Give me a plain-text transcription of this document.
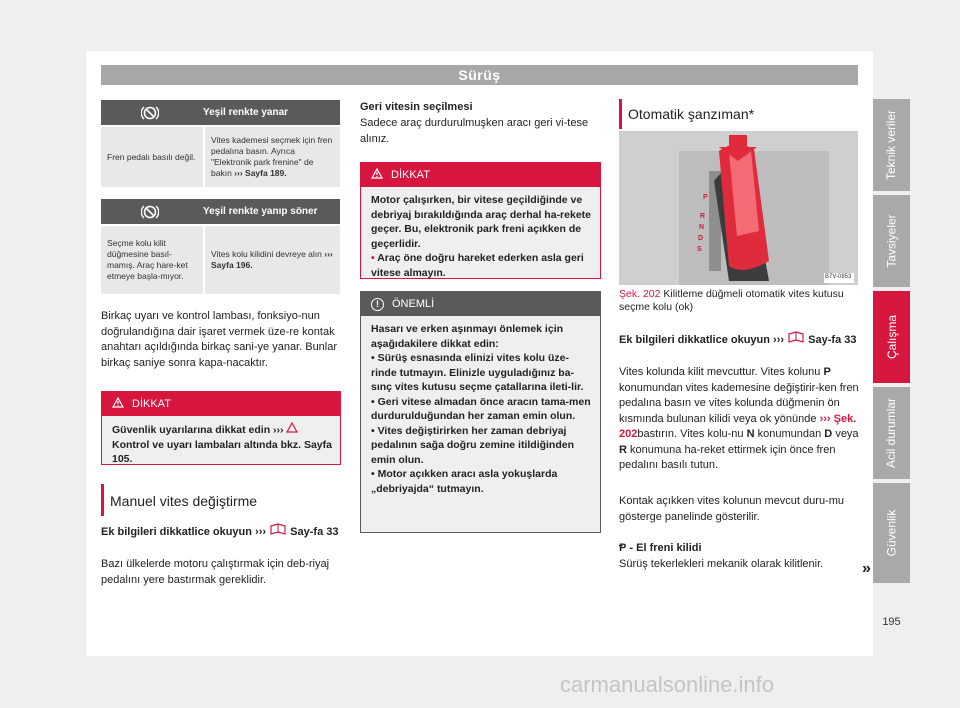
Sürüş
Teknik veriler
Tavsiyeler
Çalışma
Acil durumlar
Güvenlik
195
Yeşil renkte yanar
Fren pedalı basılı değil.
Vites kademesi seçmek için fren pedalına basın. Ayrıca "Elektronik park frenine" de bakın ››› Sayfa 189.
Yeşil renkte yanıp söner
Seçme kolu kilit düğmesine basıl-mamış. Araç hare-ket etmeye başla-mıyor.
Vites kolu kilidini devreye alın ››› Sayfa 196.
Birkaç uyarı ve kontrol lambası, fonksiyo-nun doğrulandığına dair işaret vermek üze-re kontak anahtarı açıldığında birkaç sani-ye yanar. Bunlar birkaç saniye sonra kapa-nacaktır.
DİKKAT
Güvenlik uyarılarına dikkat edin ›››
Kontrol ve uyarı lambaları altında bkz. Sayfa 105.
Manuel vites değiştirme
Ek bilgileri dikkatlice okuyun ››› Say-fa 33
Bazı ülkelerde motoru çalıştırmak için deb-riyaj pedalını yere bastırmak gereklidir.
Geri vitesin seçilmesi
Sadece araç durdurulmuşken aracı geri vi-tese alınız.
DİKKAT
Motor çalışırken, bir vitese geçildiğinde ve debriyaj bırakıldığında araç derhal ha-rekete geçer. Bu, elektronik park freni açıkken de geçerlidir.
• Araç öne doğru hareket ederken asla geri vitese almayın.
!	ÖNEMLİ
Hasarı ve erken aşınmayı önlemek için aşağıdakilere dikkat edin:
• Sürüş esnasında elinizi vites kolu üze-rinde tutmayın. Elinizle uyguladığınız ba-sınç vites kutusu seçme çatallarına ileti-lir.
• Geri vitese almadan önce aracın tama-men durdurulduğundan her zaman emin olun.
• Vites değiştirirken her zaman debriyaj pedalının sağa doğru zemine itildiğinden emin olun.
• Motor açıkken aracı asla yokuşlarda „debriyajda“ tutmayın.
Otomatik şanzıman*
P
R
N
D
S
B7V-0853
Şek. 202 Kilitleme düğmeli otomatik vites kutusu seçme kolu (ok)
Ek bilgileri dikkatlice okuyun ››› Say-fa 33
Vites kolunda kilit mevcuttur. Vites kolunu P konumundan vites kademesine değiştirir-ken fren pedalına basın ve vites kolunda düğmenin ön kısmında bulunan kilidi veya ok yönünde ››› Şek. 202bastırın. Vites kolu-nu N konumundan D veya R konumuna ha-reket ettirmek için önce fren pedalını basılı tutun.
Kontak açıkken vites kolunun mevcut duru-mu gösterge panelinde gösterilir.
Ᵽ - El freni kilidi
Sürüş tekerlekleri mekanik olarak kilitlenir.	»
carmanualsonline.info
